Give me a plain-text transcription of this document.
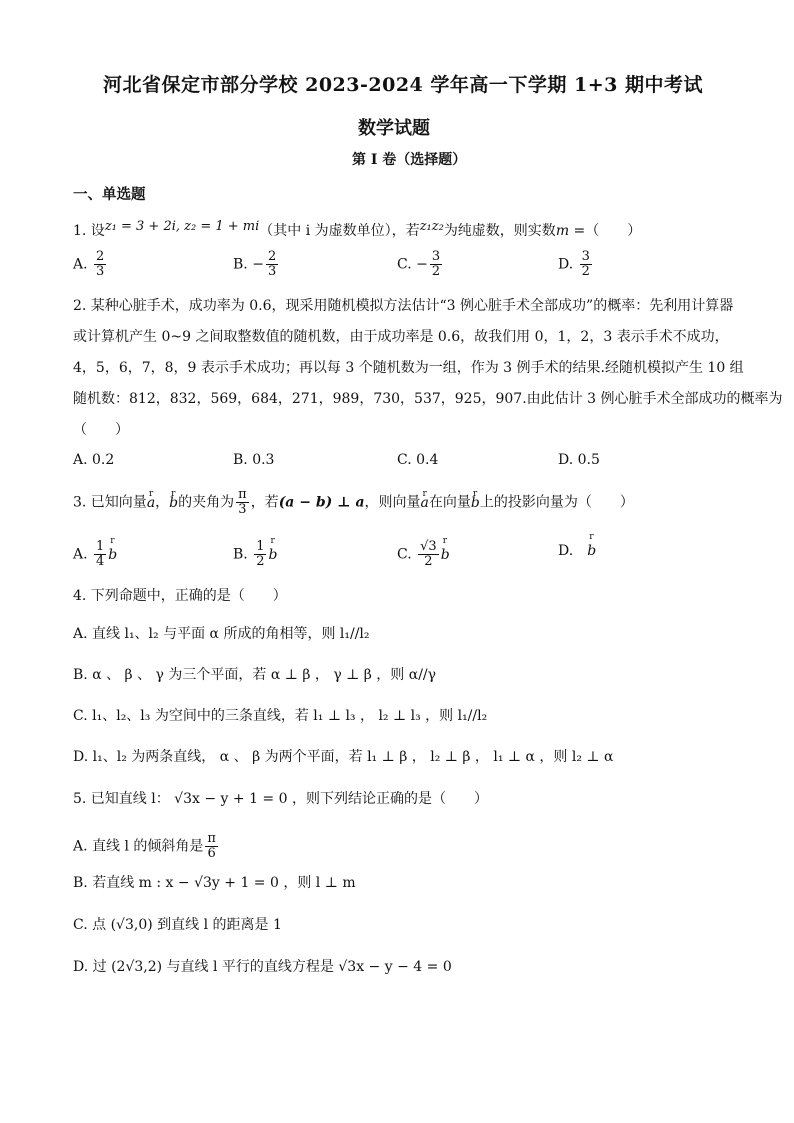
河北省保定市部分学校 2023-2024 学年高一下学期 1+3 期中考试
数学试题
第 I 卷（选择题）
一、单选题
1. 设z₁ = 3 + 2i, z₂ = 1 + mi（其中 i 为虚数单位），若z₁z₂为纯虚数，则实数m =（　　）
A. $\frac{2}{3}$	B. − $\frac{2}{3}$	C. − $\frac{3}{2}$	D. $\frac{3}{2}$
2. 某种心脏手术，成功率为 0.6，现采用随机模拟方法估计“3 例心脏手术全部成功”的概率：先利用计算器
或计算机产生 0~9 之间取整数值的随机数，由于成功率是 0.6，故我们用 0，1，2，3 表示手术不成功，
4，5，6，7，8，9 表示手术成功；再以每 3 个随机数为一组，作为 3 例手术的结果.经随机模拟产生 10 组
随机数：812，832，569，684，271，989，730，537，925，907.由此估计 3 例心脏手术全部成功的概率为
（　　）
A. 0.2	B. 0.3	C. 0.4	D. 0.5
3. 已知向量r a，r b的夹角为 $\frac{\pi}{3}$ ，若(a − b) ⊥ a，则向量r a在向量r b上的投影向量为（　　）
A. $\frac{1}{4}$ r b	B. $\frac{1}{2}$ r b	C. $\frac{√3}{2}$ r b	D.　 r b
4. 下列命题中，正确的是（　　）
A. 直线 l₁、l₂ 与平面 α 所成的角相等，则 l₁//l₂
B. α 、 β 、 γ 为三个平面，若 α ⊥ β ， γ ⊥ β ，则 α//γ
C. l₁、l₂、l₃ 为空间中的三条直线，若 l₁ ⊥ l₃ ， l₂ ⊥ l₃ ，则 l₁//l₂
D. l₁、l₂ 为两条直线， α 、 β 为两个平面，若 l₁ ⊥ β ， l₂ ⊥ β ， l₁ ⊥ α ，则 l₂ ⊥ α
5. 已知直线 l： √3x − y + 1 = 0 ，则下列结论正确的是（　　）
A. 直线 l 的倾斜角是 $\frac{\pi}{6}$
B. 若直线 m : x − √3y + 1 = 0 ，则 l ⊥ m
C. 点 (√3,0) 到直线 l 的距离是 1
D. 过 (2√3,2) 与直线 l 平行的直线方程是 √3x − y − 4 = 0
